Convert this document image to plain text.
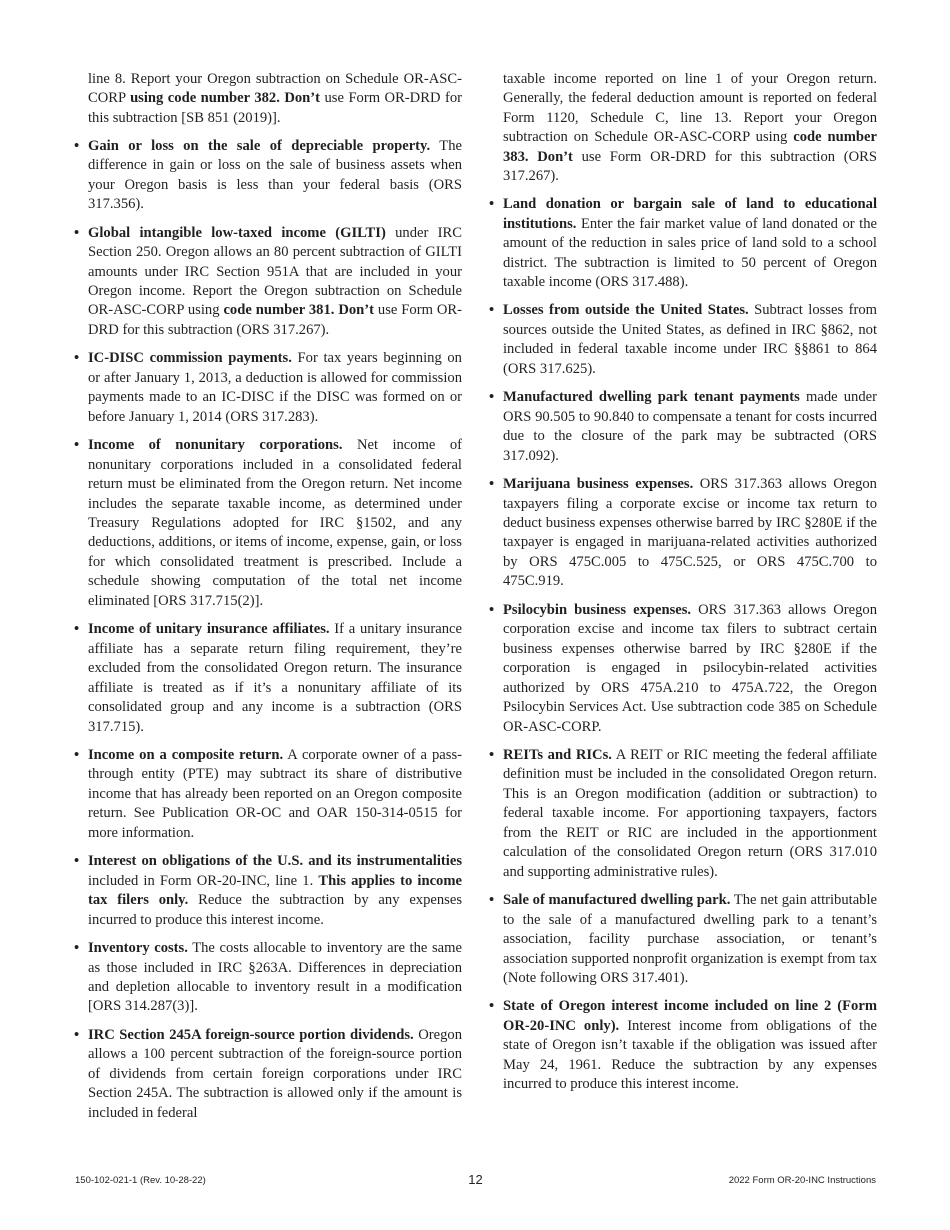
line 8. Report your Oregon subtraction on Schedule OR-ASC-CORP using code number 382. Don’t use Form OR-DRD for this subtraction [SB 851 (2019)].

• Gain or loss on the sale of depreciable property. The difference in gain or loss on the sale of business assets when your Oregon basis is less than your federal basis (ORS 317.356).
• Global intangible low-taxed income (GILTI) under IRC Section 250. Oregon allows an 80 percent subtraction of GILTI amounts under IRC Section 951A that are included in your Oregon income. Report the Oregon subtraction on Schedule OR-ASC-CORP using code number 381. Don’t use Form OR-DRD for this subtraction (ORS 317.267).
• IC-DISC commission payments. For tax years beginning on or after January 1, 2013, a deduction is allowed for commission payments made to an IC-DISC if the DISC was formed on or before January 1, 2014 (ORS 317.283).
• Income of nonunitary corporations. Net income of nonunitary corporations included in a consolidated federal return must be eliminated from the Oregon return. Net income includes the separate taxable income, as determined under Treasury Regulations adopted for IRC §1502, and any deductions, additions, or items of income, expense, gain, or loss for which consolidated treatment is prescribed. Include a schedule showing computation of the total net income eliminated [ORS 317.715(2)].
• Income of unitary insurance affiliates. If a unitary insurance affiliate has a separate return filing requirement, they’re excluded from the consolidated Oregon return. The insurance affiliate is treated as if it’s a nonunitary affiliate of its consolidated group and any income is a subtraction (ORS 317.715).
• Income on a composite return. A corporate owner of a pass-through entity (PTE) may subtract its share of distributive income that has already been reported on an Oregon composite return. See Publication OR-OC and OAR 150-314-0515 for more information.
• Interest on obligations of the U.S. and its instrumentalities included in Form OR-20-INC, line 1. This applies to income tax filers only. Reduce the subtraction by any expenses incurred to produce this interest income.
• Inventory costs. The costs allocable to inventory are the same as those included in IRC §263A. Differences in depreciation and depletion allocable to inventory result in a modification [ORS 314.287(3)].
• IRC Section 245A foreign-source portion dividends. Oregon allows a 100 percent subtraction of the foreign-source portion of dividends from certain foreign corporations under IRC Section 245A. The subtraction is allowed only if the amount is included in federal

taxable income reported on line 1 of your Oregon return. Generally, the federal deduction amount is reported on federal Form 1120, Schedule C, line 13. Report your Oregon subtraction on Schedule OR-ASC-CORP using code number 383. Don’t use Form OR-DRD for this subtraction (ORS 317.267).

• Land donation or bargain sale of land to educational institutions. Enter the fair market value of land donated or the amount of the reduction in sales price of land sold to a school district. The subtraction is limited to 50 percent of Oregon taxable income (ORS 317.488).
• Losses from outside the United States. Subtract losses from sources outside the United States, as defined in IRC §862, not included in federal taxable income under IRC §§861 to 864 (ORS 317.625).
• Manufactured dwelling park tenant payments made under ORS 90.505 to 90.840 to compensate a tenant for costs incurred due to the closure of the park may be subtracted (ORS 317.092).
• Marijuana business expenses. ORS 317.363 allows Oregon taxpayers filing a corporate excise or income tax return to deduct business expenses otherwise barred by IRC §280E if the taxpayer is engaged in marijuana-related activities authorized by ORS 475C.005 to 475C.525, or ORS 475C.700 to 475C.919.
• Psilocybin business expenses. ORS 317.363 allows Oregon corporation excise and income tax filers to subtract certain business expenses otherwise barred by IRC §280E if the corporation is engaged in psilocybin-related activities authorized by ORS 475A.210 to 475A.722, the Oregon Psilocybin Services Act. Use subtraction code 385 on Schedule OR-ASC-CORP.
• REITs and RICs. A REIT or RIC meeting the federal affiliate definition must be included in the consolidated Oregon return. This is an Oregon modification (addition or subtraction) to federal taxable income. For apportioning taxpayers, factors from the REIT or RIC are included in the apportionment calculation of the consolidated Oregon return (ORS 317.010 and supporting administrative rules).
• Sale of manufactured dwelling park. The net gain attributable to the sale of a manufactured dwelling park to a tenant’s association, facility purchase association, or tenant’s association supported nonprofit organization is exempt from tax (Note following ORS 317.401).
• State of Oregon interest income included on line 2 (Form OR-20-INC only). Interest income from obligations of the state of Oregon isn’t taxable if the obligation was issued after May 24, 1961. Reduce the subtraction by any expenses incurred to produce this interest income.
150-102-021-1 (Rev. 10-28-22)	12	2022 Form OR-20-INC Instructions
